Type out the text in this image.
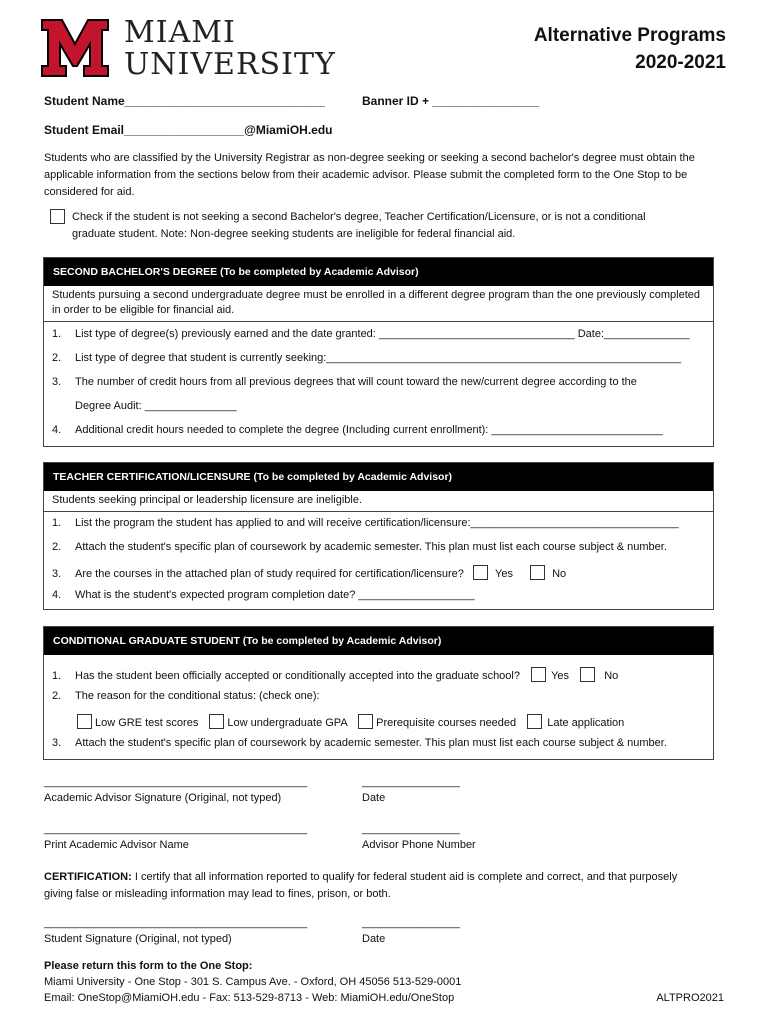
MIAMI
UNIVERSITY
Alternative Programs
2020-2021
Student Name______________________________	Banner ID + ________________
Student Email__________________@MiamiOH.edu
Students who are classified by the University Registrar as non-degree seeking or seeking a second bachelor's degree must obtain the applicable information from the sections below from their academic advisor. Please submit the completed form to the One Stop to be considered for aid.
Check if the student is not seeking a second Bachelor's degree, Teacher Certification/Licensure, or is not a conditional
graduate student. Note: Non-degree seeking students are ineligible for federal financial aid.
SECOND BACHELOR'S DEGREE (To be completed by Academic Advisor)
Students pursuing a second undergraduate degree must be enrolled in a different degree program than the one previously completed in order to be eligible for financial aid.
1. List type of degree(s) previously earned and the date granted: ________________________________ Date:______________
2. List type of degree that student is currently seeking:__________________________________________________________
3. The number of credit hours from all previous degrees that will count toward the new/current degree according to the
Degree Audit: _______________
4. Additional credit hours needed to complete the degree (Including current enrollment): ____________________________
TEACHER CERTIFICATION/LICENSURE (To be completed by Academic Advisor)
Students seeking principal or leadership licensure are ineligible.
1. List the program the student has applied to and will receive certification/licensure:__________________________________
2. Attach the student's specific plan of coursework by academic semester. This plan must list each course subject & number.
3. Are the courses in the attached plan of study required for certification/licensure?	Yes	No
4. What is the student's expected program completion date? ___________________
CONDITIONAL GRADUATE STUDENT (To be completed by Academic Advisor)
1. Has the student been officially accepted or conditionally accepted into the graduate school?	Yes	No
2. The reason for the conditional status: (check one):
Low GRE test scores	Low undergraduate GPA	Prerequisite courses needed	Late application
3. Attach the student's specific plan of coursework by academic semester. This plan must list each course subject & number.
___________________________________________	________________
Academic Advisor Signature (Original, not typed)	Date
___________________________________________	________________
Print Academic Advisor Name	Advisor Phone Number
CERTIFICATION: I certify that all information reported to qualify for federal student aid is complete and correct, and that purposely giving false or misleading information may lead to fines, prison, or both.
___________________________________________	________________
Student Signature (Original, not typed)	Date
Please return this form to the One Stop:
Miami University - One Stop - 301 S. Campus Ave. - Oxford, OH 45056 513-529-0001
Email: OneStop@MiamiOH.edu - Fax: 513-529-8713 - Web: MiamiOH.edu/OneStop	ALTPRO2021
